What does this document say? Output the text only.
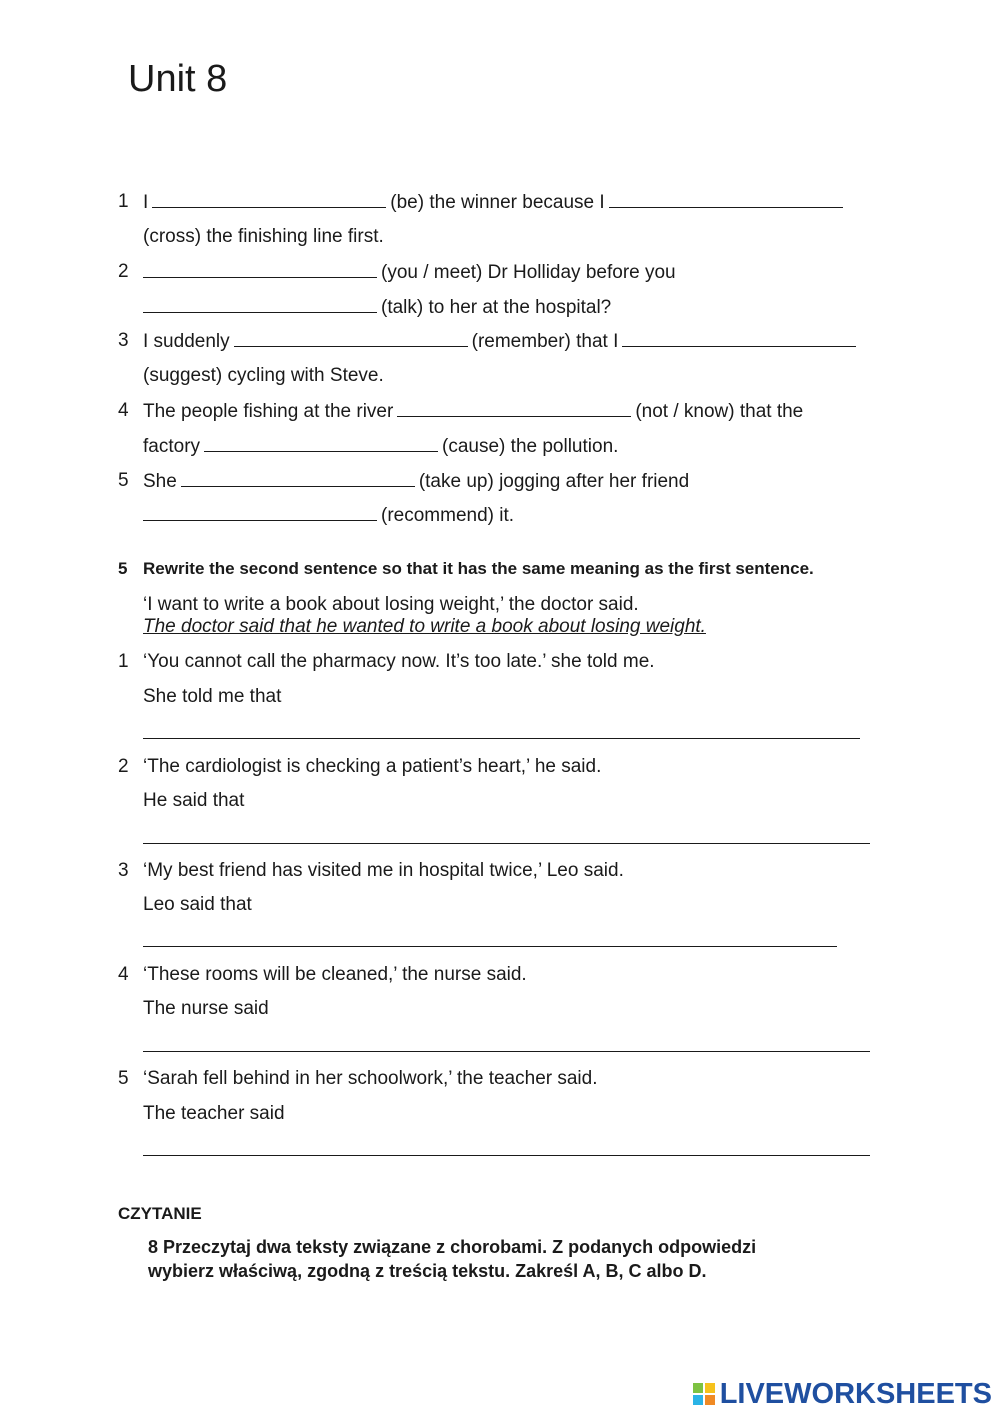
Unit 8
1 I	(be) the winner because I
(cross) the finishing line first.
2	(you / meet) Dr Holliday before you
(talk) to her at the hospital?
3 I suddenly	(remember) that I
(suggest) cycling with Steve.
4 The people fishing at the river	(not / know) that the
factory	(cause) the pollution.
5 She	(take up) jogging after her friend
(recommend) it.
5 Rewrite the second sentence so that it has the same meaning as the first sentence.
‘I want to write a book about losing weight,’ the doctor said.
The doctor said that he wanted to write a book about losing weight.
1 ‘You cannot call the pharmacy now. It’s too late.’ she told me.
She told me that
2 ‘The cardiologist is checking a patient’s heart,’ he said.
He said that
3 ‘My best friend has visited me in hospital twice,’ Leo said.
Leo said that
4 ‘These rooms will be cleaned,’ the nurse said.
The nurse said
5 ‘Sarah fell behind in her schoolwork,’ the teacher said.
The teacher said
CZYTANIE
8 Przeczytaj dwa teksty związane z chorobami. Z podanych odpowiedzi
wybierz właściwą, zgodną z treścią tekstu. Zakreśl A, B, C albo D.
LIVEWORKSHEETS
